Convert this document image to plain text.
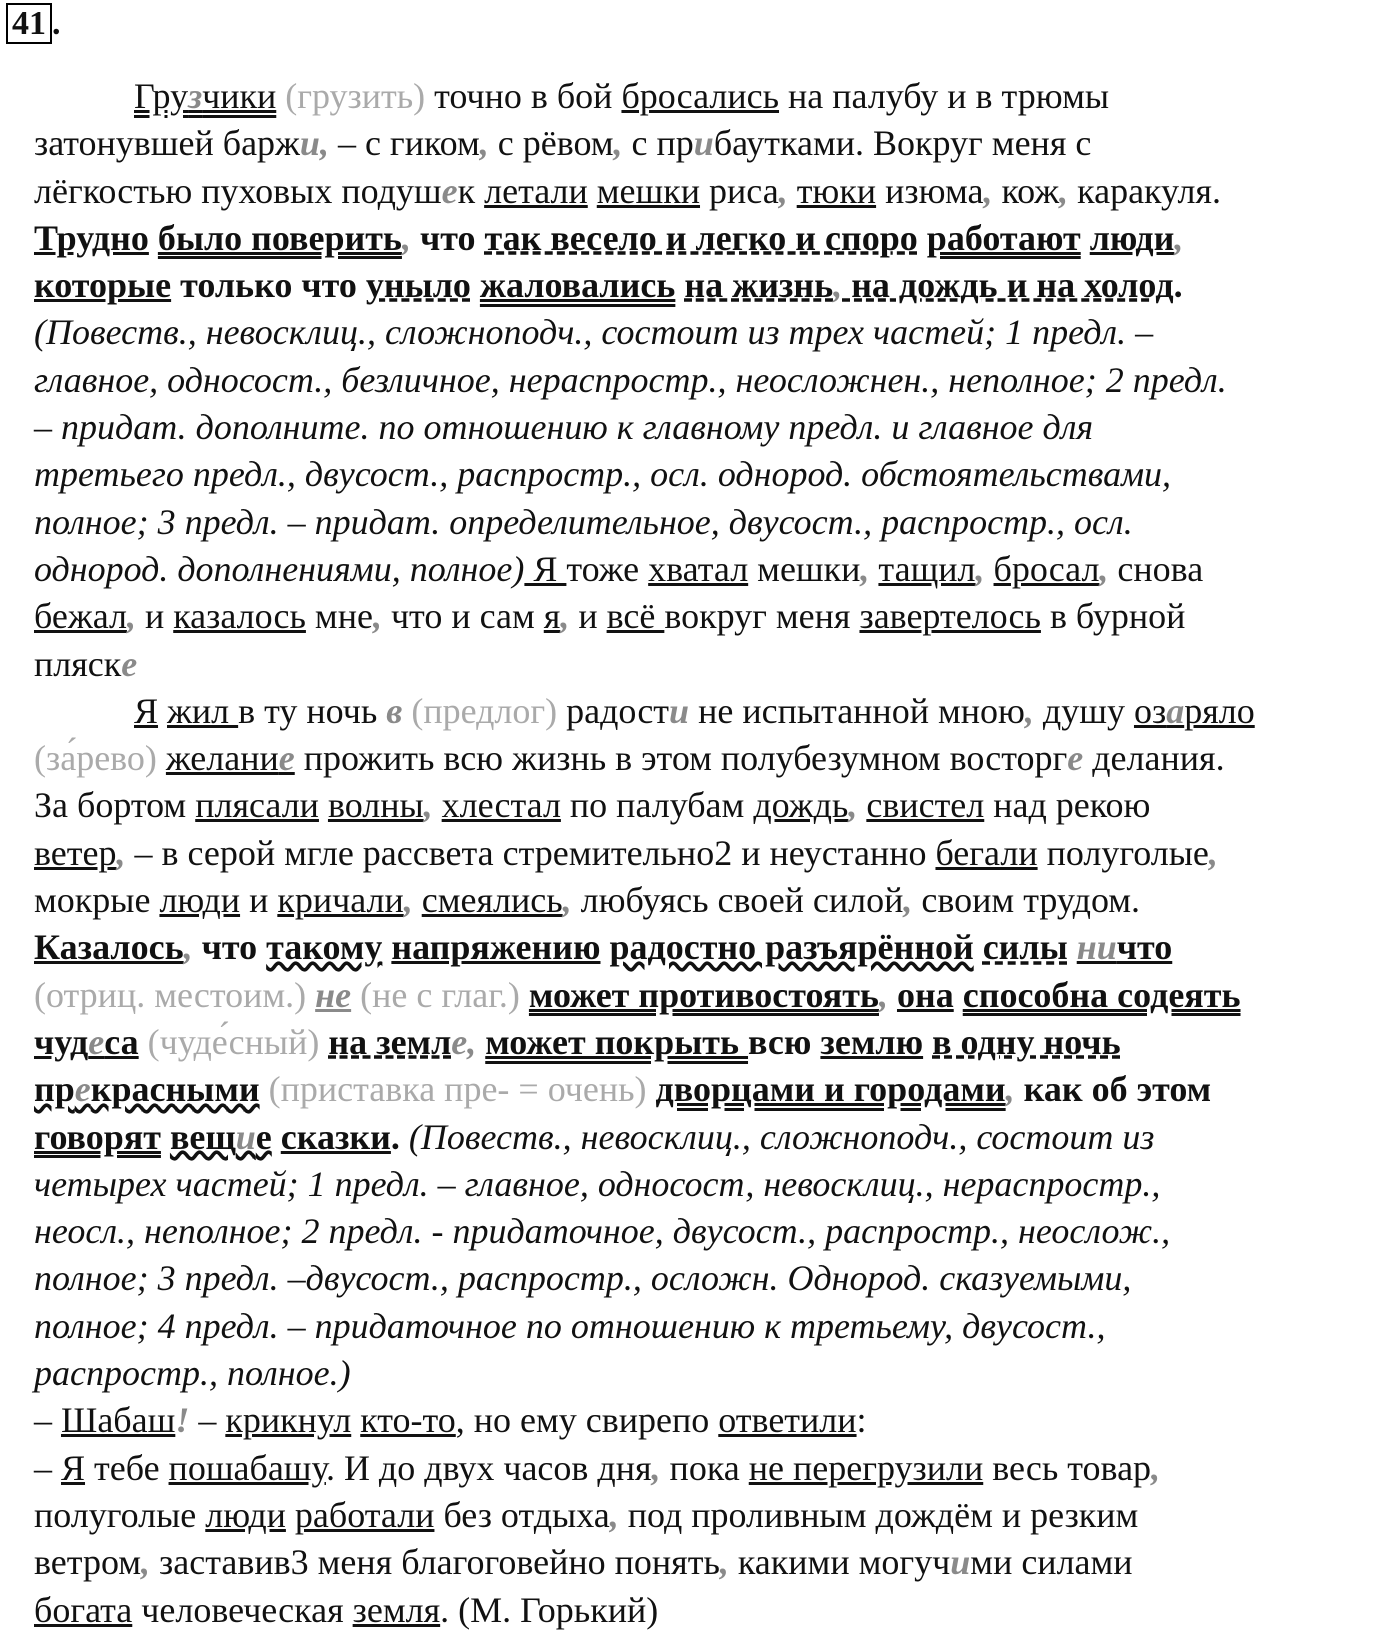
41 .

Грузчики (грузить) точно в бой бросались на палубу и в трюмы

затонувшей баржи, – с гиком, с рёвом, с прибаутками. Вокруг меня с
лёгкостью пуховых подушек летали мешки риса, тюки изюма, кож, каракуля.
Трудно было поверить, что так весело и легко и споро работают люди,
которые только что уныло жаловались на жизнь, на дождь и на холод.
(Повеств., невосклиц., сложноподч., состоит из трех частей; 1 предл. –
главное, односост., безличное, нераспростр., неосложнен., неполное; 2 предл.
– придат. дополните. по отношению к главному предл. и главное для
третьего предл., двусост., распростр., осл. однород. обстоятельствами,
полное; 3 предл. – придат. определительное, двусост., распростр., осл.
однород. дополнениями, полное) Я тоже хватал мешки, тащил, бросал, снова
бежал, и казалось мне, что и сам я, и всё вокруг меня завертелось в бурной
пляске

Я жил в ту ночь в (предлог) радости не испытанной мною, душу озаряло

(за́рево) желание прожить всю жизнь в этом полубезумном восторге делания.
За бортом плясали волны, хлестал по палубам дождь, свистел над рекою
ветер, – в серой мгле рассвета стремительно2 и неустанно бегали полуголые,
мокрые люди и кричали, смеялись, любуясь своей силой, своим трудом.
Казалось, что такому напряжению радостно разъярённой силы ничто
(отриц. местоим.) не (не с глаг.) может противостоять, она способна содеять
чудеса (чуде́сный) на земле, может покрыть всю землю в одну ночь
прекрасными (приставка пре- = очень) дворцами и городами, как об этом
говорят вещие сказки. (Повеств., невосклиц., сложноподч., состоит из
четырех частей; 1 предл. – главное, односост, невосклиц., нераспростр.,
неосл., неполное; 2 предл. - придаточное, двусост., распростр., неослож.,
полное; 3 предл. –двусост., распростр., осложн. Однород. сказуемыми,
полное; 4 предл. – придаточное по отношению к третьему, двусост.,
распростр., полное.)

– Шабаш! – крикнул кто-то, но ему свирепо ответили:

– Я тебе пошабашу. И до двух часов дня, пока не перегрузили весь товар,
полуголые люди работали без отдыха, под проливным дождём и резким
ветром, заставив3 меня благоговейно понять, какими могучими силами
богата человеческая земля. (М. Горький)
